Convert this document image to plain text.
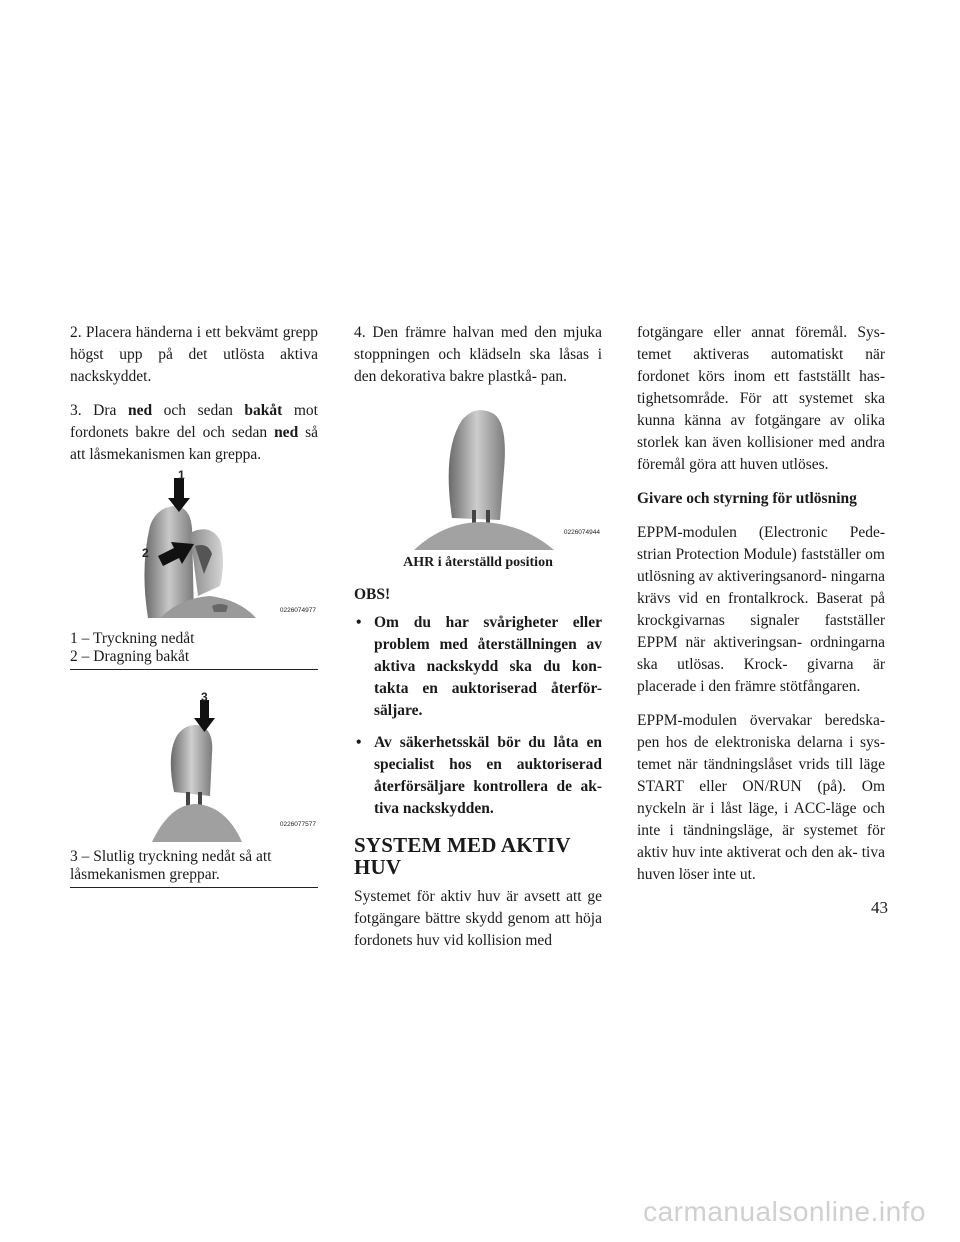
2. Placera händerna i ett bekvämt grepp högst upp på det utlösta aktiva nackskyddet.

3. Dra ned och sedan bakåt mot fordonets bakre del och sedan ned så att låsmekanismen kan greppa.

1
2
0226074977
1 – Tryckning nedåt
2 – Dragning bakåt
3
0226077577
3 – Slutlig tryckning nedåt så att låsmekanismen greppar.

4. Den främre halvan med den mjuka stoppningen och klädseln ska låsas i den dekorativa bakre plastkå- pan.

0226074944
AHR i återställd position
OBS!
• Om du har svårigheter eller problem med återställningen av aktiva nackskydd ska du kon- takta en auktoriserad återför- säljare.
• Av säkerhetsskäl bör du låta en specialist hos en auktoriserad återförsäljare kontrollera de ak- tiva nackskydden.
SYSTEM MED AKTIV HUV

Systemet för aktiv huv är avsett att ge fotgängare bättre skydd genom att höja fordonets huv vid kollision med

fotgängare eller annat föremål. Sys- temet aktiveras automatiskt när fordonet körs inom ett fastställt has- tighetsområde. För att systemet ska kunna känna av fotgängare av olika storlek kan även kollisioner med andra föremål göra att huven utlöses.

Givare och styrning för utlösning

EPPM-modulen (Electronic Pede- strian Protection Module) fastställer om utlösning av aktiveringsanord- ningarna krävs vid en frontalkrock. Baserat på krockgivarnas signaler fastställer EPPM när aktiveringsan- ordningarna ska utlösas. Krock- givarna är placerade i den främre stötfångaren.

EPPM-modulen övervakar beredska- pen hos de elektroniska delarna i sys- temet när tändningslåset vrids till läge START eller ON/RUN (på). Om nyckeln är i låst läge, i ACC-läge och inte i tändningsläge, är systemet för aktiv huv inte aktiverat och den ak- tiva huven löser inte ut.

43
carmanualsonline.info
